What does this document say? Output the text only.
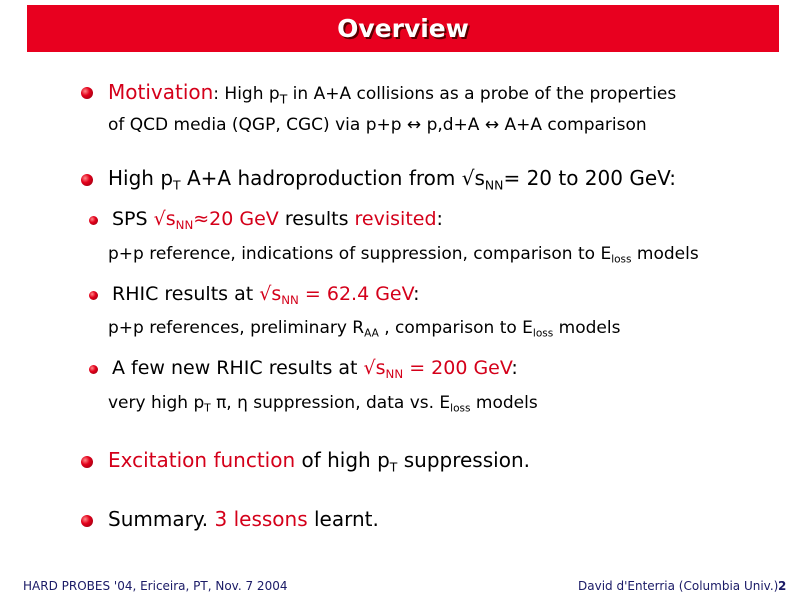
Overview
Motivation: High $p_T$ in A+A collisions as a probe of the properties
of QCD media (QGP, CGC) via p+p ↔ p,d+A ↔ A+A comparison
High $p_T$ A+A hadroproduction from $√s_{NN}= 20$ to 200 GeV:
SPS $√s_{NN}\approx 20$ GeV results revisited:
p+p reference, indications of suppression, comparison to $E_{loss}$ models
RHIC results at $√s_{NN} = 62.4$ GeV:
p+p references, preliminary $R_{AA}$ , comparison to $E_{loss}$ models
A few new RHIC results at $√s_{NN} = 200$ GeV:
very high $p_T$ π, η suppression, data vs. $E_{loss}$ models
Excitation function of high $p_T$ suppression.
Summary. 3 lessons learnt.
HARD PROBES '04, Ericeira, PT, Nov. 7 2004	David d'Enterria (Columbia Univ.) 2
